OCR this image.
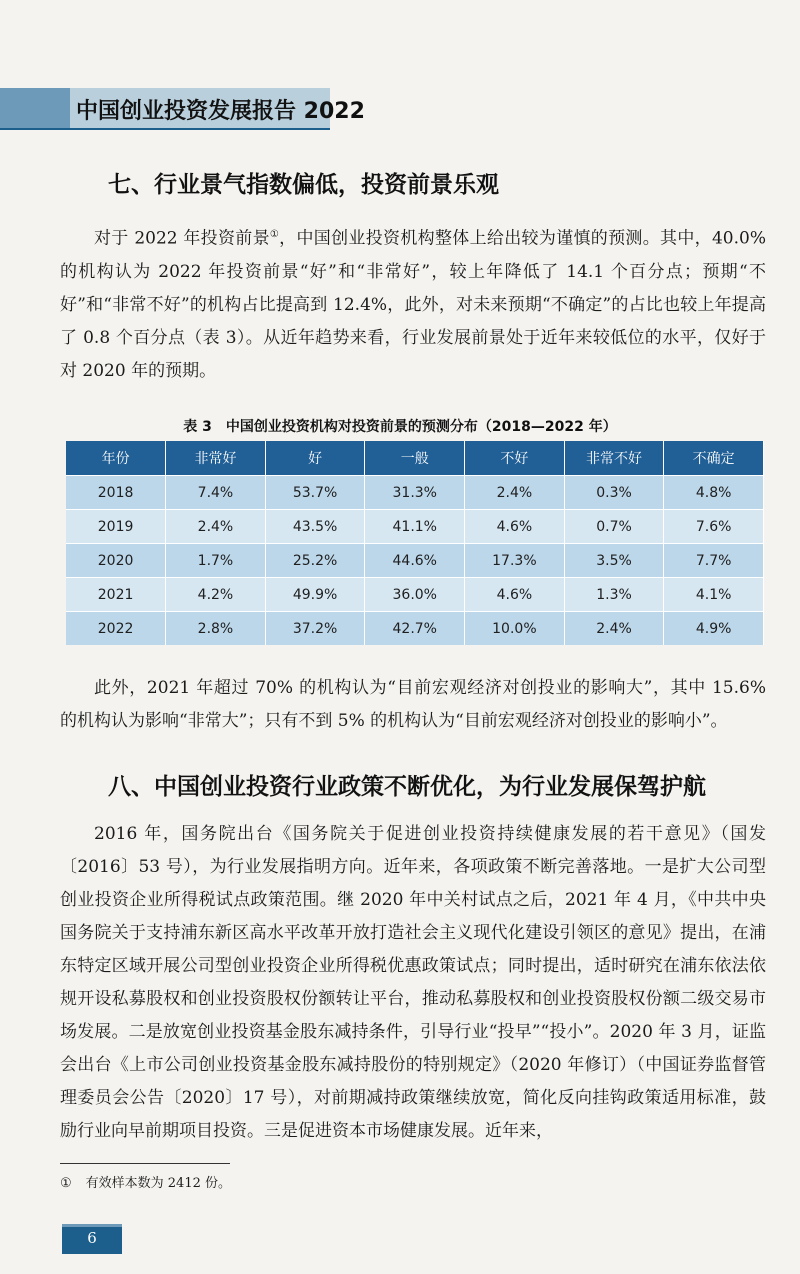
中国创业投资发展报告 2022
七、行业景气指数偏低，投资前景乐观

对于 2022 年投资前景①，中国创业投资机构整体上给出较为谨慎的预测。其中，40.0% 的机构认为 2022 年投资前景“好”和“非常好”，较上年降低了 14.1 个百分点；预期“不好”和“非常不好”的机构占比提高到 12.4%，此外，对未来预期“不确定”的占比也较上年提高了 0.8 个百分点（表 3）。从近年趋势来看，行业发展前景处于近年来较低位的水平，仅好于对 2020 年的预期。

表 3　中国创业投资机构对投资前景的预测分布（2018—2022 年）

年份	非常好	好	一般	不好	非常不好	不确定
2018	7.4%	53.7%	31.3%	2.4%	0.3%	4.8%
2019	2.4%	43.5%	41.1%	4.6%	0.7%	7.6%
2020	1.7%	25.2%	44.6%	17.3%	3.5%	7.7%
2021	4.2%	49.9%	36.0%	4.6%	1.3%	4.1%
2022	2.8%	37.2%	42.7%	10.0%	2.4%	4.9%

此外，2021 年超过 70% 的机构认为“目前宏观经济对创投业的影响大”，其中 15.6% 的机构认为影响“非常大”；只有不到 5% 的机构认为“目前宏观经济对创投业的影响小”。

八、中国创业投资行业政策不断优化，为行业发展保驾护航

2016 年，国务院出台《国务院关于促进创业投资持续健康发展的若干意见》（国发〔2016〕53 号），为行业发展指明方向。近年来，各项政策不断完善落地。一是扩大公司型创业投资企业所得税试点政策范围。继 2020 年中关村试点之后，2021 年 4 月，《中共中央　国务院关于支持浦东新区高水平改革开放打造社会主义现代化建设引领区的意见》提出，在浦东特定区域开展公司型创业投资企业所得税优惠政策试点；同时提出，适时研究在浦东依法依规开设私募股权和创业投资股权份额转让平台，推动私募股权和创业投资股权份额二级交易市场发展。二是放宽创业投资基金股东减持条件，引导行业“投早”“投小”。2020 年 3 月，证监会出台《上市公司创业投资基金股东减持股份的特别规定》（2020 年修订）（中国证券监督管理委员会公告〔2020〕17 号），对前期减持政策继续放宽，简化反向挂钩政策适用标准，鼓励行业向早前期项目投资。三是促进资本市场健康发展。近年来，

① 有效样本数为 2412 份。

6
